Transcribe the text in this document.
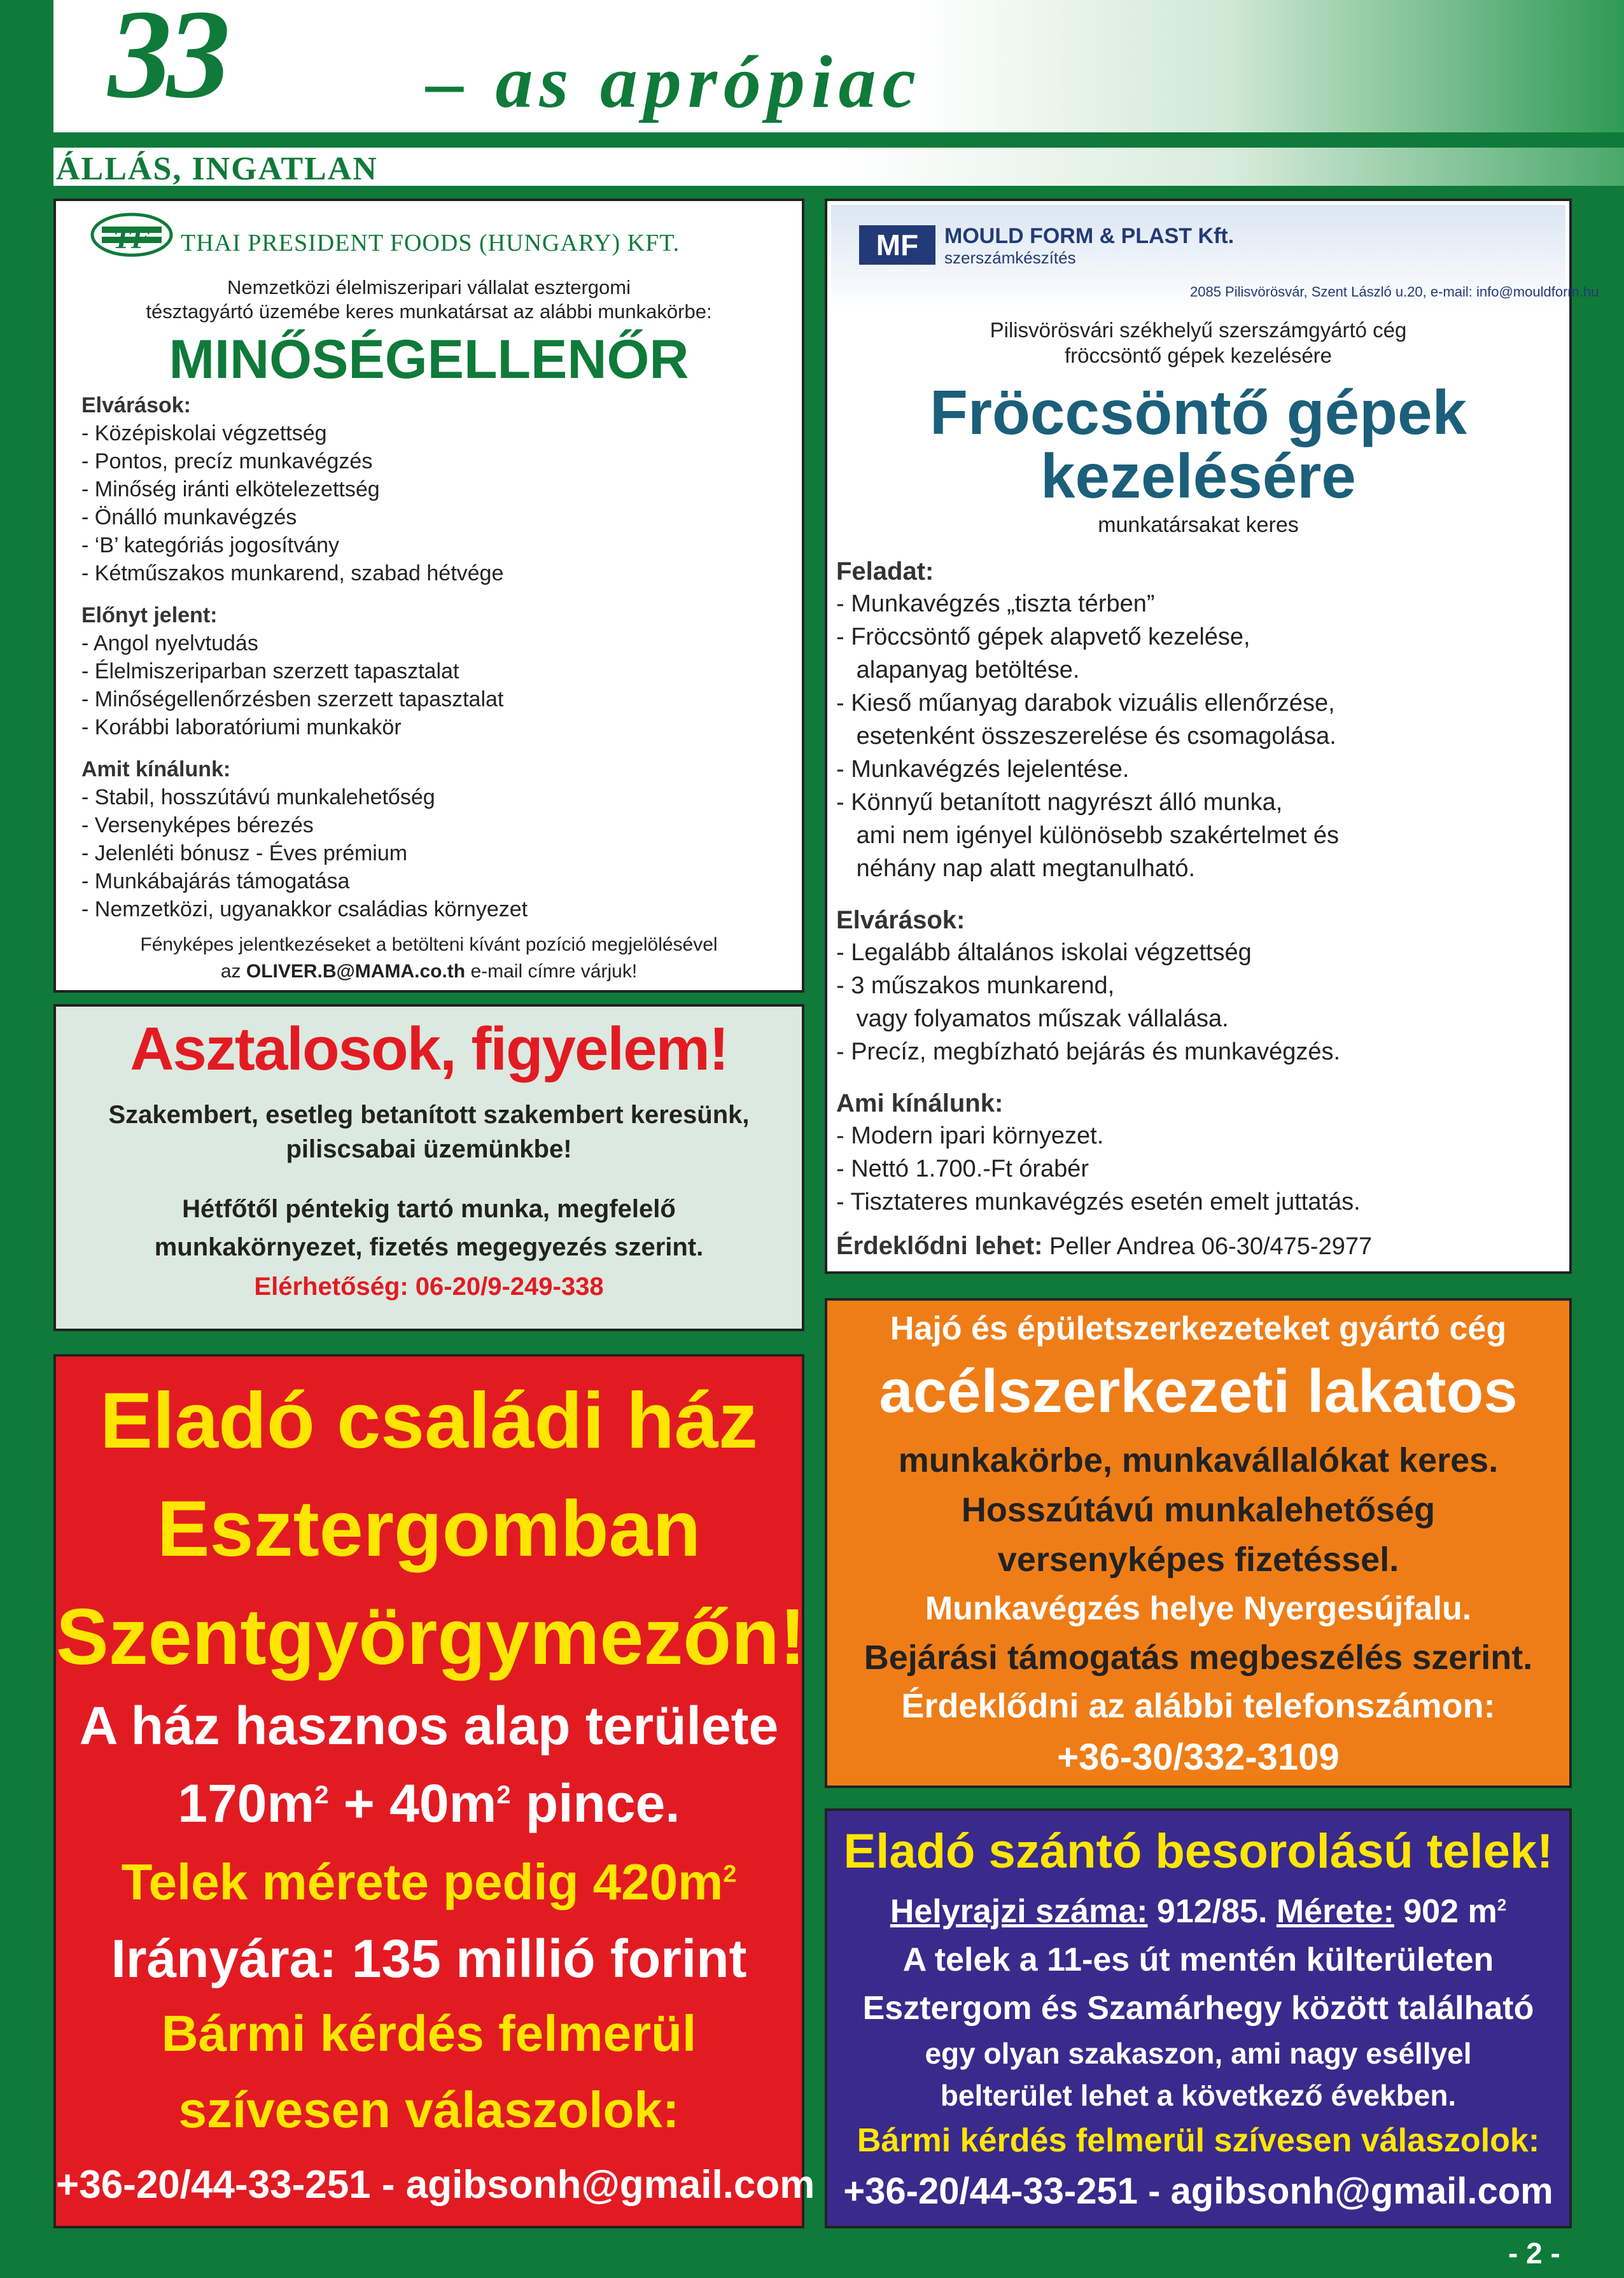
33	– as aprópiac
ÁLLÁS, INGATLAN
TF THAI PRESIDENT FOODS (HUNGARY) KFT.
Nemzetközi élelmiszeripari vállalat esztergomi
tésztagyártó üzemébe keres munkatársat az alábbi munkakörbe:
MINŐSÉGELLENŐR
Elvárások:
- Középiskolai végzettség
- Pontos, precíz munkavégzés
- Minőség iránti elkötelezettség
- Önálló munkavégzés
- ‘B’ kategóriás jogosítvány
- Kétműszakos munkarend, szabad hétvége
Előnyt jelent:
- Angol nyelvtudás
- Élelmiszeriparban szerzett tapasztalat
- Minőségellenőrzésben szerzett tapasztalat
- Korábbi laboratóriumi munkakör
Amit kínálunk:
- Stabil, hosszútávú munkalehetőség
- Versenyképes bérezés
- Jelenléti bónusz - Éves prémium
- Munkábajárás támogatása
- Nemzetközi, ugyanakkor családias környezet
Fényképes jelentkezéseket a betölteni kívánt pozíció megjelölésével
az OLIVER.B@MAMA.co.th e-mail címre várjuk!
MF	MOULD FORM & PLAST Kft.
szerszámkészítés
2085 Pilisvörösvár, Szent László u.20, e-mail: info@mouldform.hu
Pilisvörösvári székhelyű szerszámgyártó cég
fröccsöntő gépek kezelésére
Fröccsöntő gépek
kezelésére
munkatársakat keres
Feladat:
- Munkavégzés „tiszta térben”
- Fröccsöntő gépek alapvető kezelése,
alapanyag betöltése.
- Kieső műanyag darabok vizuális ellenőrzése,
esetenként összeszerelése és csomagolása.
- Munkavégzés lejelentése.
- Könnyű betanított nagyrészt álló munka,
ami nem igényel különösebb szakértelmet és
néhány nap alatt megtanulható.
Elvárások:
- Legalább általános iskolai végzettség
- 3 műszakos munkarend,
vagy folyamatos műszak vállalása.
- Precíz, megbízható bejárás és munkavégzés.
Ami kínálunk:
- Modern ipari környezet.
- Nettó 1.700.-Ft órabér
- Tisztateres munkavégzés esetén emelt juttatás.
Érdeklődni lehet: Peller Andrea 06-30/475-2977
Asztalosok, figyelem!
Szakembert, esetleg betanított szakembert keresünk,
piliscsabai üzemünkbe!
Hétfőtől péntekig tartó munka, megfelelő
munkakörnyezet, fizetés megegyezés szerint.
Elérhetőség: 06-20/9-249-338
Eladó családi ház
Esztergomban
Szentgyörgymezőn!
A ház hasznos alap területe
$170m^2 + 40m^2$ pince.
Telek mérete pedig $420m^2$
Irányára: 135 millió forint
Bármi kérdés felmerül
szívesen válaszolok:
+36-20/44-33-251 - agibsonh@gmail.com
Hajó és épületszerkezeteket gyártó cég
acélszerkezeti lakatos
munkakörbe, munkavállalókat keres.
Hosszútávú munkalehetőség
versenyképes fizetéssel.
Munkavégzés helye Nyergesújfalu.
Bejárási támogatás megbeszélés szerint.
Érdeklődni az alábbi telefonszámon:
+36-30/332-3109
Eladó szántó besorolású telek!
Helyrajzi száma: 912/85. Mérete: 902 $m^2$
A telek a 11-es út mentén külterületen
Esztergom és Szamárhegy között található
egy olyan szakaszon, ami nagy eséllyel
belterület lehet a következő években.
Bármi kérdés felmerül szívesen válaszolok:
+36-20/44-33-251 - agibsonh@gmail.com
- 2 -
